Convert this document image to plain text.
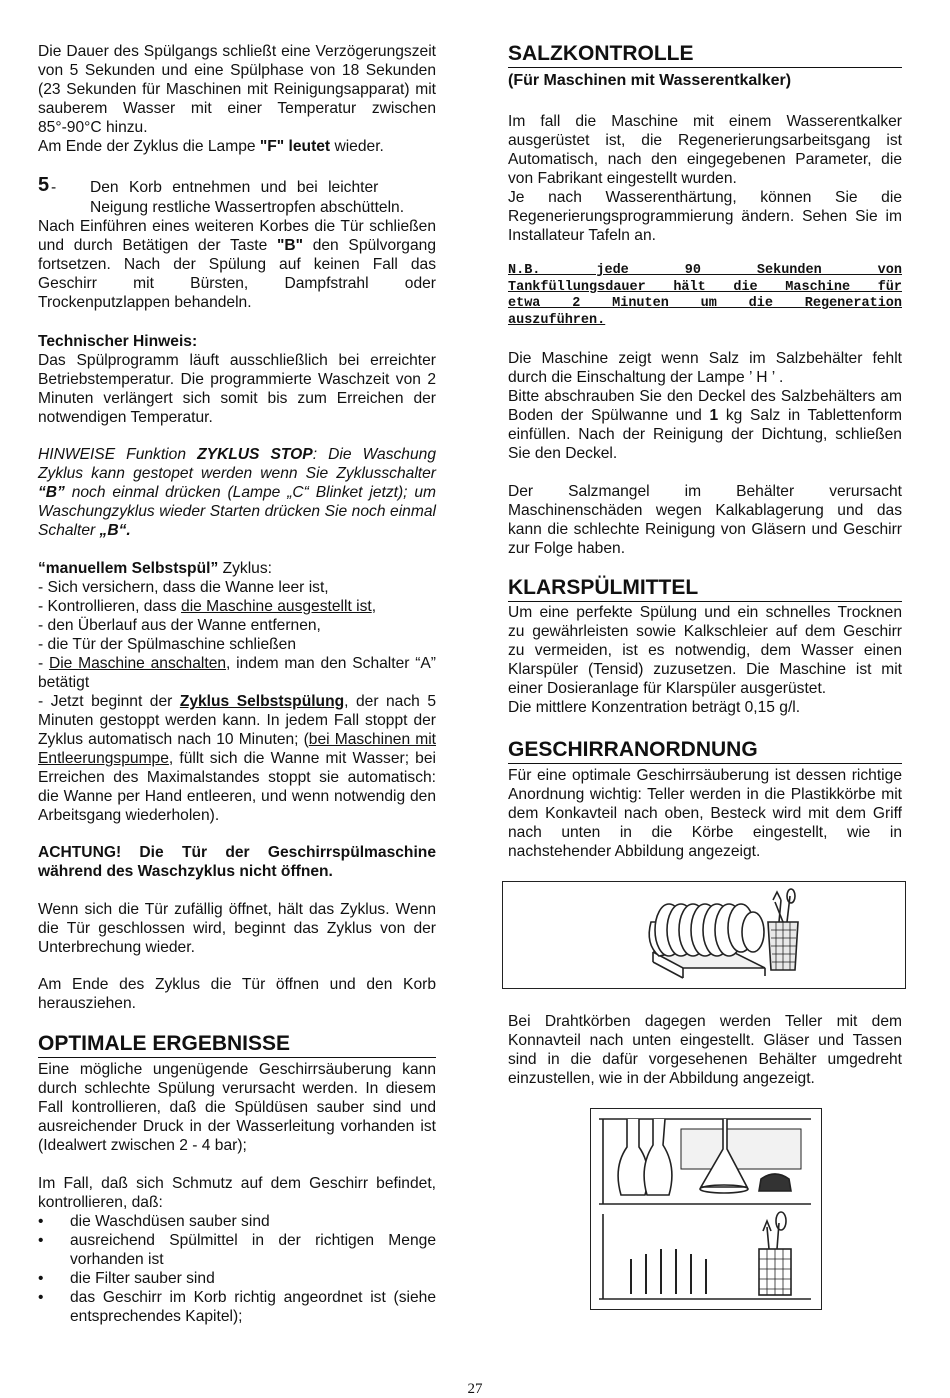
Die Dauer des Spülgangs schließt eine Verzögerungszeit von 5 Sekunden und eine Spülphase von 18 Sekunden (23 Sekunden für Maschinen mit Reinigungsapparat) mit sauberem Wasser mit einer Temperatur zwischen 85°-90°C hinzu.
Am Ende der Zyklus die Lampe "F" leutet wieder.

5 - Den Korb entnehmen und bei leichter
Neigung restliche Wassertropfen abschütteln.
Nach Einführen eines weiteren Korbes die Tür schließen und durch Betätigen der Taste "B" den Spülvorgang fortsetzen. Nach der Spülung auf keinen Fall das Geschirr mit Bürsten, Dampfstrahl oder Trockenputzlappen behandeln.
Technischer Hinweis:

Das Spülprogramm läuft ausschließlich bei erreichter Betriebstemperatur. Die programmierte Waschzeit von 2 Minuten verlängert sich somit bis zum Erreichen der notwendigen Temperatur.

HINWEISE Funktion ZYKLUS STOP: Die Waschung Zyklus kann gestopet werden wenn Sie Zyklusschalter “B” noch einmal drücken (Lampe „C“ Blinket jetzt); um Waschungzyklus wieder Starten drücken Sie noch einmal Schalter „B“.

“manuellem Selbstspül” Zyklus:
- Sich versichern, dass die Wanne leer ist,
- Kontrollieren, dass die Maschine ausgestellt ist,
- den Überlauf aus der Wanne entfernen,
- die Tür der Spülmaschine schließen
- Die Maschine anschalten, indem man den Schalter “A” betätigt
- Jetzt beginnt der Zyklus Selbstspülung, der nach 5 Minuten gestoppt werden kann. In jedem Fall stoppt der Zyklus automatisch nach 10 Minuten; (bei Maschinen mit Entleerungspumpe, füllt sich die Wanne mit Wasser; bei Erreichen des Maximalstandes stoppt sie automatisch: die Wanne per Hand entleeren, und wenn notwendig den Arbeitsgang wiederholen).

ACHTUNG! Die Tür der Geschirrspülmaschine während des Waschzyklus nicht öffnen.

Wenn sich die Tür zufällig öffnet, hält das Zyklus. Wenn die Tür geschlossen wird, beginnt das Zyklus von der Unterbrechung wieder.

Am Ende des Zyklus die Tür öffnen und den Korb herausziehen.

OPTIMALE ERGEBNISSE

Eine mögliche ungenügende Geschirrsäuberung kann durch schlechte Spülung verursacht werden. In diesem Fall kontrollieren, daß die Spüldüsen sauber sind und ausreichender Druck in der Wasserleitung vorhanden ist (Idealwert zwischen 2 - 4 bar);

Im Fall, daß sich Schmutz auf dem Geschirr befindet, kontrollieren, daß:

• die Waschdüsen sauber sind
• ausreichend Spülmittel in der richtigen Menge vorhanden ist
• die Filter sauber sind
• das Geschirr im Korb richtig angeordnet ist (siehe entsprechendes Kapitel);
SALZKONTROLLE
(Für Maschinen mit Wasserentkalker)

Im fall die Maschine mit einem Wasserentkalker ausgerüstet ist, die Regenerierungsarbeitsgang ist Automatisch, nach den eingegebenen Parameter, die von Fabrikant eingestellt wurden.

Je nach Wasserenthärtung, können Sie die Regenerierungsprogrammierung ändern. Sehen Sie im Installateur Tafeln an.

N.B. jede 90 Sekunden von
Tankfüllungsdauer hält die Maschine für
etwa 2 Minuten um die Regeneration
auszuführen.

Die Maschine zeigt wenn Salz im Salzbehälter fehlt durch die Einschaltung der Lampe ’ H ’ .

Bitte abschrauben Sie den Deckel des Salzbehälters am Boden der Spülwanne und 1 kg Salz in Tablettenform einfüllen. Nach der Reinigung der Dichtung, schließen Sie den Deckel.

Der Salzmangel im Behälter verursacht Maschinenschäden wegen Kalkablagerung und das kann die schlechte Reinigung von Gläsern und Geschirr zur Folge haben.

KLARSPÜLMITTEL

Um eine perfekte Spülung und ein schnelles Trocknen zu gewährleisten sowie Kalkschleier auf dem Geschirr zu vermeiden, ist es notwendig, dem Wasser einen Klarspüler (Tensid) zuzusetzen. Die Maschine ist mit einer Dosieranlage für Klarspüler ausgerüstet.
Die mittlere Konzentration beträgt 0,15 g/l.

GESCHIRRANORDNUNG

Für eine optimale Geschirrsäuberung ist dessen richtige Anordnung wichtig: Teller werden in die Plastikkörbe mit dem Konkavteil nach oben, Besteck wird mit dem Griff nach unten in die Körbe eingestellt, wie in nachstehender Abbildung angezeigt.

Bei Drahtkörben dagegen werden Teller mit dem Konnavteil nach unten eingestellt. Gläser und Tassen sind in die dafür vorgesehenen Behälter umgedreht einzustellen, wie in der Abbildung angezeigt.

27
